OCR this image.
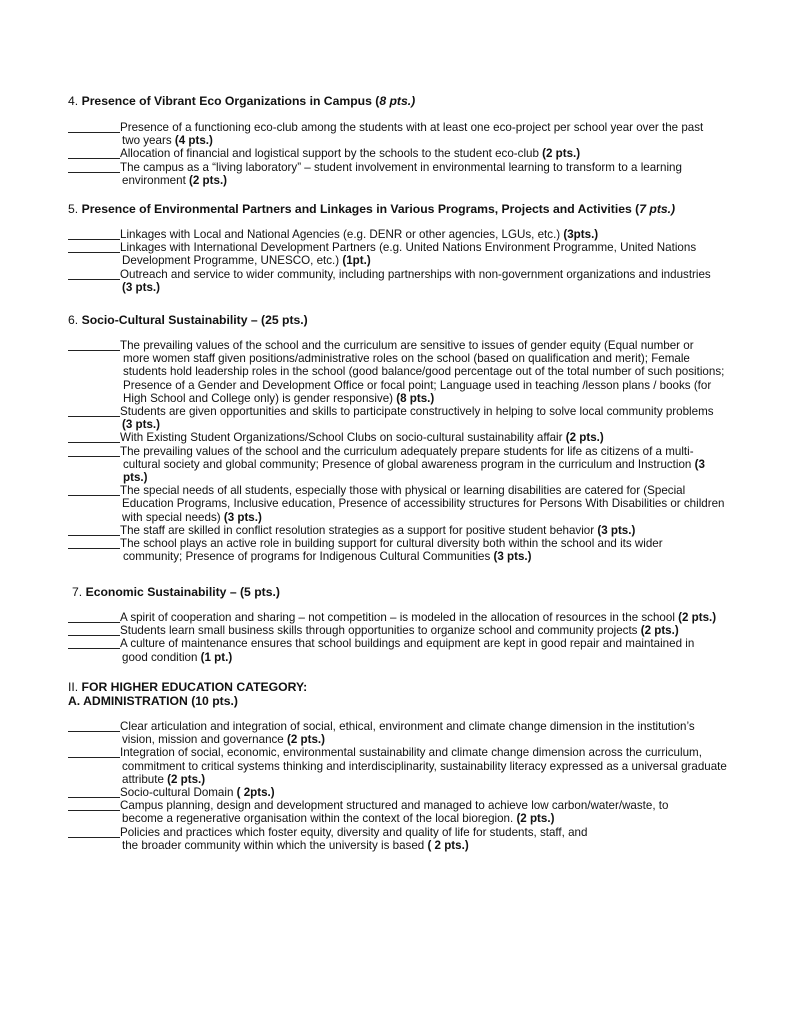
4. Presence of Vibrant Eco Organizations in Campus (8 pts.)

Presence of a functioning eco-club among the students with at least one eco-project per school year over the past
two years (4 pts.)

Allocation of financial and logistical support by the schools to the student eco-club (2 pts.)

The campus as a “living laboratory” – student involvement in environmental learning to transform to a learning
environment (2 pts.)

5. Presence of Environmental Partners and Linkages in Various Programs, Projects and Activities (7 pts.)

Linkages with Local and National Agencies (e.g. DENR or other agencies, LGUs, etc.) (3pts.)

Linkages with International Development Partners (e.g. United Nations Environment Programme, United Nations
Development Programme, UNESCO, etc.) (1pt.)

Outreach and service to wider community, including partnerships with non-government organizations and industries
(3 pts.)

6. Socio-Cultural Sustainability – (25 pts.)

The prevailing values of the school and the curriculum are sensitive to issues of gender equity (Equal number or
more women staff given positions/administrative roles on the school (based on qualification and merit); Female students hold leadership roles in the school (good balance/good percentage out of the total number of such positions; Presence of a Gender and Development Office or focal point; Language used in teaching /lesson plans / books (for High School and College only) is gender responsive) (8 pts.)

Students are given opportunities and skills to participate constructively in helping to solve local community problems
(3 pts.)

With Existing Student Organizations/School Clubs on socio-cultural sustainability affair (2 pts.)

The prevailing values of the school and the curriculum adequately prepare students for life as citizens of a multi-
cultural society and global community; Presence of global awareness program in the curriculum and Instruction (3 pts.)

The special needs of all students, especially those with physical or learning disabilities are catered for (Special
Education Programs, Inclusive education, Presence of accessibility structures for Persons With Disabilities or children with special needs) (3 pts.)

The staff are skilled in conflict resolution strategies as a support for positive student behavior (3 pts.)

The school plays an active role in building support for cultural diversity both within the school and its wider
community; Presence of programs for Indigenous Cultural Communities (3 pts.)

7. Economic Sustainability – (5 pts.)

A spirit of cooperation and sharing – not competition – is modeled in the allocation of resources in the school (2 pts.)

Students learn small business skills through opportunities to organize school and community projects (2 pts.)

A culture of maintenance ensures that school buildings and equipment are kept in good repair and maintained in
good condition (1 pt.)

II. FOR HIGHER EDUCATION CATEGORY:

A. ADMINISTRATION (10 pts.)

Clear articulation and integration of social, ethical, environment and climate change dimension in the institution’s
vision, mission and governance (2 pts.)

Integration of social, economic, environmental sustainability and climate change dimension across the curriculum,
commitment to critical systems thinking and interdisciplinarity, sustainability literacy expressed as a universal graduate attribute (2 pts.)

Socio-cultural Domain ( 2pts.)

Campus planning, design and development structured and managed to achieve low carbon/water/waste, to
become a regenerative organisation within the context of the local bioregion. (2 pts.)

Policies and practices which foster equity, diversity and quality of life for students, staff, and
the broader community within which the university is based ( 2 pts.)
